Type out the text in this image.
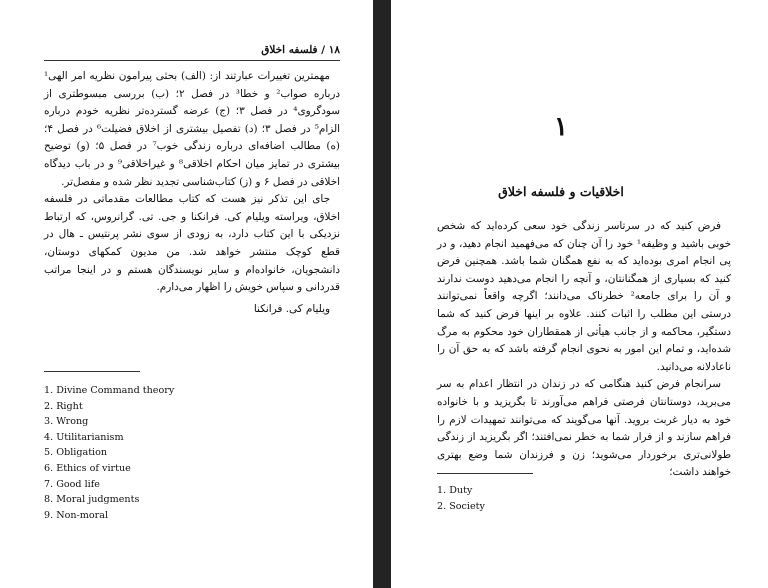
۱۸ / فلسفه اخلاق

مهمترین تغییرات عبارتند از: (الف) بحثی پیرامون نظریه امر الهی¹ درباره صواب² و خطا³ در فصل ۲؛ (ب) بررسی مبسوطتری از سودگروی⁴ در فصل ۳؛ (ج) عرضه گسترده‌تر نظریه خودم درباره الزام⁵ در فصل ۳؛ (د) تفصیل بیشتری از اخلاق فضیلت⁶ در فصل ۴؛ (ه) مطالب اضافه‌ای درباره زندگی خوب⁷ در فصل ۵؛ (و) توضیح بیشتری در تمایز میان احکام اخلاقی⁸ و غیراخلاقی⁹ و در باب دیدگاه اخلاقی در فصل ۶ و (ز) کتاب‌شناسی تجدید نظر شده و مفصل‌تر.

جای این تذکر نیز هست که کتاب مطالعات مقدماتی در فلسفه اخلاق، ویراسته ویلیام کی. فرانکنا و جی. تی. گرانروس، که ارتباط نزدیکی با این کتاب دارد، به زودی از سوی نشر پرنتیس ـ هال در قطع کوچک منتشر خواهد شد. من مدیون کمکهای دوستان، دانشجویان، خانواده‌ام و سایر نویسندگان هستم و در اینجا مراتب قدردانی و سپاس خویش را اظهار می‌دارم.

ویلیام کی. فرانکنا

1. Divine Command theory
2. Right
3. Wrong
4. Utilitarianism
5. Obligation
6. Ethics of virtue
7. Good life
8. Moral judgments
9. Non-moral
۱
اخلاقیات و فلسفه اخلاق

فرض کنید که در سرتاسر زندگی خود سعی کرده‌اید که شخص خوبی باشید و وظیفه¹ خود را آن چنان که می‌فهمید انجام دهید، و در پی انجام امری بوده‌اید که به نفع همگنان شما باشد. همچنین فرض کنید که بسیاری از همگنانتان، و آنچه را انجام می‌دهید دوست ندارند و آن را برای جامعه² خطرناک می‌دانند؛ اگرچه واقعاً نمی‌توانند درستی این مطلب را اثبات کنند. علاوه بر اینها فرض کنید که شما دستگیر، محاکمه و از جانب هیأتی از همقطاران خود محکوم به مرگ شده‌اید، و تمام این امور به نحوی انجام گرفته باشد که به حق آن را ناعادلانه می‌دانید.

سرانجام فرض کنید هنگامی که در زندان در انتظار اعدام به سر می‌برید، دوستانتان فرصتی فراهم می‌آورند تا بگریزید و با خانواده خود به دیار غربت بروید. آنها می‌گویند که می‌توانند تمهیدات لازم را فراهم سازند و از فرار شما به خطر نمی‌افتند؛ اگر بگریزید از زندگی طولانی‌تری برخوردار می‌شوید؛ زن و فرزندان شما وضع بهتری خواهند داشت؛

1. Duty
2. Society
